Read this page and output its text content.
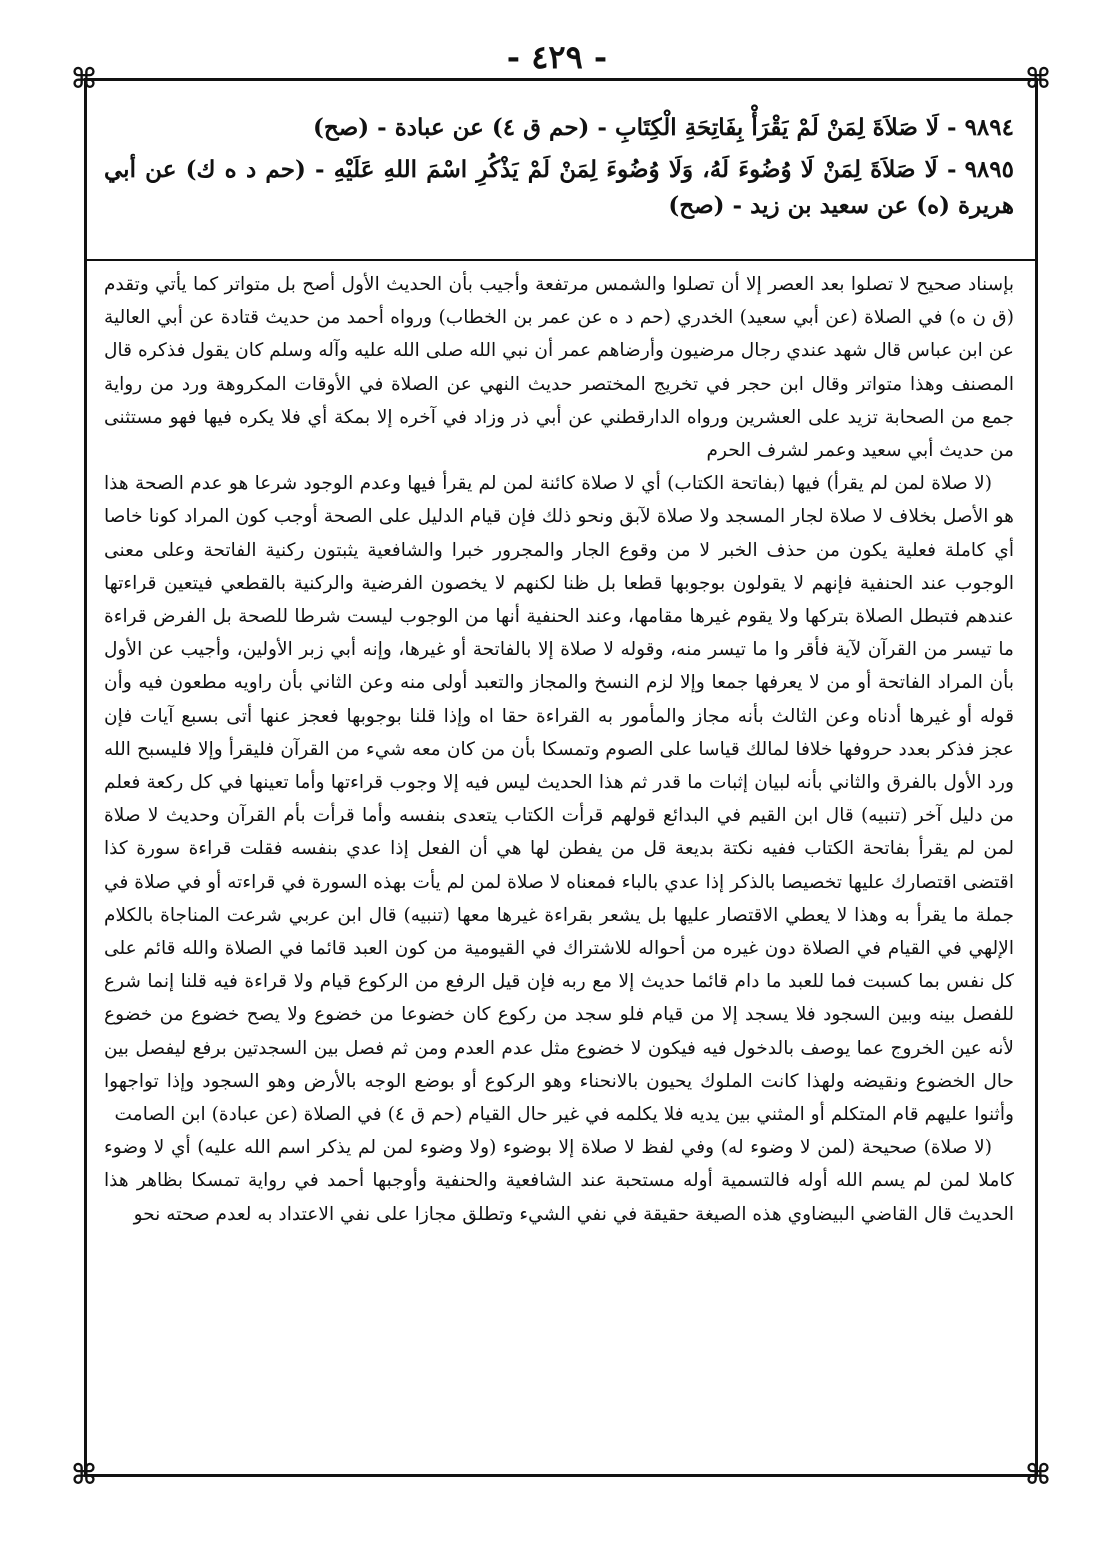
- ٤٢٩ -
⌘	⌘
⌘	⌘

٩٨٩٤- لَا صَلاَةَ لِمَنْ لَمْ يَقْرَأْ بِفَاتِحَةِ الْكِتَابِ - (حم ق ٤) عن عبادة - (صح)

٩٨٩٥- لَا صَلاَةَ لِمَنْ لَا وُضُوءَ لَهُ، وَلَا وُضُوءَ لِمَنْ لَمْ يَذْكُرِ اسْمَ اللهِ عَلَيْهِ - (حم د ه ك) عن أبي هريرة (ه) عن سعيد بن زيد - (صح)

بإسناد صحيح لا تصلوا بعد العصر إلا أن تصلوا والشمس مرتفعة وأجيب بأن الحديث الأول أصح بل متواتر كما يأتي وتقدم (ق ن ه) في الصلاة (عن أبي سعيد) الخدري (حم د ه عن عمر بن الخطاب) ورواه أحمد من حديث قتادة عن أبي العالية عن ابن عباس قال شهد عندي رجال مرضيون وأرضاهم عمر أن نبي الله صلى الله عليه وآله وسلم كان يقول فذكره قال المصنف وهذا متواتر وقال ابن حجر في تخريج المختصر حديث النهي عن الصلاة في الأوقات المكروهة ورد من رواية جمع من الصحابة تزيد على العشرين ورواه الدارقطني عن أبي ذر وزاد في آخره إلا بمكة أي فلا يكره فيها فهو مستثنى من حديث أبي سعيد وعمر لشرف الحرم

(لا صلاة لمن لم يقرأ) فيها (بفاتحة الكتاب) أي لا صلاة كائنة لمن لم يقرأ فيها وعدم الوجود شرعا هو عدم الصحة هذا هو الأصل بخلاف لا صلاة لجار المسجد ولا صلاة لآبق ونحو ذلك فإن قيام الدليل على الصحة أوجب كون المراد كونا خاصا أي كاملة فعلية يكون من حذف الخبر لا من وقوع الجار والمجرور خبرا والشافعية يثبتون ركنية الفاتحة وعلى معنى الوجوب عند الحنفية فإنهم لا يقولون بوجوبها قطعا بل ظنا لكنهم لا يخصون الفرضية والركنية بالقطعي فيتعين قراءتها عندهم فتبطل الصلاة بتركها ولا يقوم غيرها مقامها، وعند الحنفية أنها من الوجوب ليست شرطا للصحة بل الفرض قراءة ما تيسر من القرآن لآية فأقر وا ما تيسر منه، وقوله لا صلاة إلا بالفاتحة أو غيرها، وإنه أبي زبر الأولين، وأجيب عن الأول بأن المراد الفاتحة أو من لا يعرفها جمعا وإلا لزم النسخ والمجاز والتعبد أولى منه وعن الثاني بأن راويه مطعون فيه وأن قوله أو غيرها أدناه وعن الثالث بأنه مجاز والمأمور به القراءة حقا اه وإذا قلنا بوجوبها فعجز عنها أتى بسبع آيات فإن عجز فذكر بعدد حروفها خلافا لمالك قياسا على الصوم وتمسكا بأن من كان معه شيء من القرآن فليقرأ وإلا فليسبح الله ورد الأول بالفرق والثاني بأنه لبيان إثبات ما قدر ثم هذا الحديث ليس فيه إلا وجوب قراءتها وأما تعينها في كل ركعة فعلم من دليل آخر (تنبيه) قال ابن القيم في البدائع قولهم قرأت الكتاب يتعدى بنفسه وأما قرأت بأم القرآن وحديث لا صلاة لمن لم يقرأ بفاتحة الكتاب ففيه نكتة بديعة قل من يفطن لها هي أن الفعل إذا عدي بنفسه فقلت قراءة سورة كذا اقتضى اقتصارك عليها تخصيصا بالذكر إذا عدي بالباء فمعناه لا صلاة لمن لم يأت بهذه السورة في قراءته أو في صلاة في جملة ما يقرأ به وهذا لا يعطي الاقتصار عليها بل يشعر بقراءة غيرها معها (تنبيه) قال ابن عربي شرعت المناجاة بالكلام الإلهي في القيام في الصلاة دون غيره من أحواله للاشتراك في القيومية من كون العبد قائما في الصلاة والله قائم على كل نفس بما كسبت فما للعبد ما دام قائما حديث إلا مع ربه فإن قيل الرفع من الركوع قيام ولا قراءة فيه قلنا إنما شرع للفصل بينه وبين السجود فلا يسجد إلا من قيام فلو سجد من ركوع كان خضوعا من خضوع ولا يصح خضوع من خضوع لأنه عين الخروج عما يوصف بالدخول فيه فيكون لا خضوع مثل عدم العدم ومن ثم فصل بين السجدتين برفع ليفصل بين حال الخضوع ونقيضه ولهذا كانت الملوك يحيون بالانحناء وهو الركوع أو بوضع الوجه بالأرض وهو السجود وإذا تواجهوا وأثنوا عليهم قام المتكلم أو المثني بين يديه فلا يكلمه في غير حال القيام (حم ق ٤) في الصلاة (عن عبادة) ابن الصامت

(لا صلاة) صحيحة (لمن لا وضوء له) وفي لفظ لا صلاة إلا بوضوء (ولا وضوء لمن لم يذكر اسم الله عليه) أي لا وضوء كاملا لمن لم يسم الله أوله فالتسمية أوله مستحبة عند الشافعية والحنفية وأوجبها أحمد في رواية تمسكا بظاهر هذا الحديث قال القاضي البيضاوي هذه الصيغة حقيقة في نفي الشيء وتطلق مجازا على نفي الاعتداد به لعدم صحته نحو
